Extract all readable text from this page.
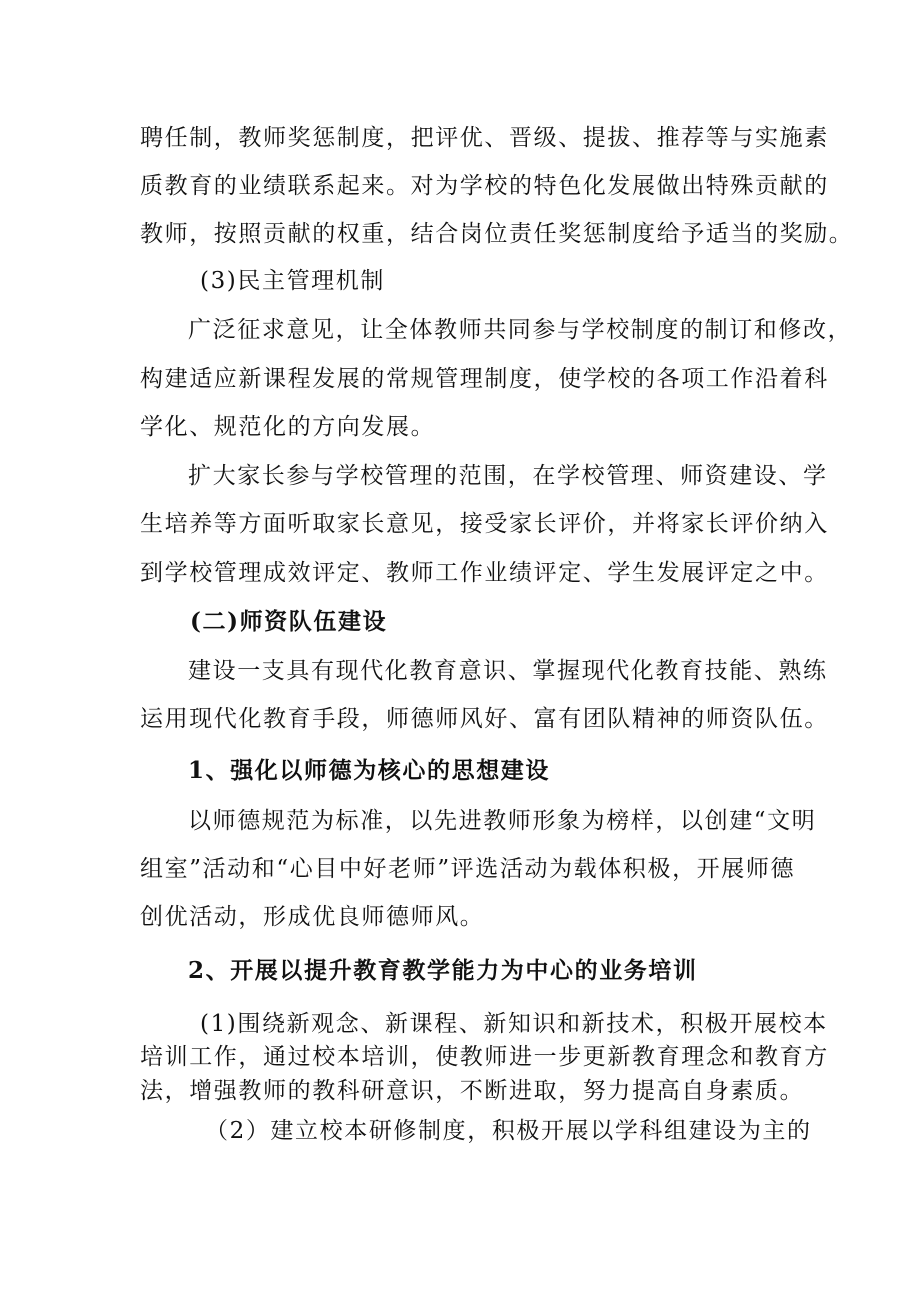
聘任制，教师奖惩制度，把评优、晋级、提拔、推荐等与实施素
质教育的业绩联系起来。对为学校的特色化发展做出特殊贡献的
教师，按照贡献的权重，结合岗位责任奖惩制度给予适当的奖励。
(3)民主管理机制
广泛征求意见，让全体教师共同参与学校制度的制订和修改，
构建适应新课程发展的常规管理制度，使学校的各项工作沿着科
学化、规范化的方向发展。
扩大家长参与学校管理的范围，在学校管理、师资建设、学
生培养等方面听取家长意见，接受家长评价，并将家长评价纳入
到学校管理成效评定、教师工作业绩评定、学生发展评定之中。
(二)师资队伍建设
建设一支具有现代化教育意识、掌握现代化教育技能、熟练
运用现代化教育手段，师德师风好、富有团队精神的师资队伍。
1、强化以师德为核心的思想建设
以师德规范为标准，以先进教师形象为榜样，以创建“文明
组室”活动和“心目中好老师”评选活动为载体积极，开展师德
创优活动，形成优良师德师风。
2、开展以提升教育教学能力为中心的业务培训
(1)围绕新观念、新课程、新知识和新技术，积极开展校本
培训工作，通过校本培训，使教师进一步更新教育理念和教育方
法，增强教师的教科研意识，不断进取，努力提高自身素质。
（2）建立校本研修制度，积极开展以学科组建设为主的
